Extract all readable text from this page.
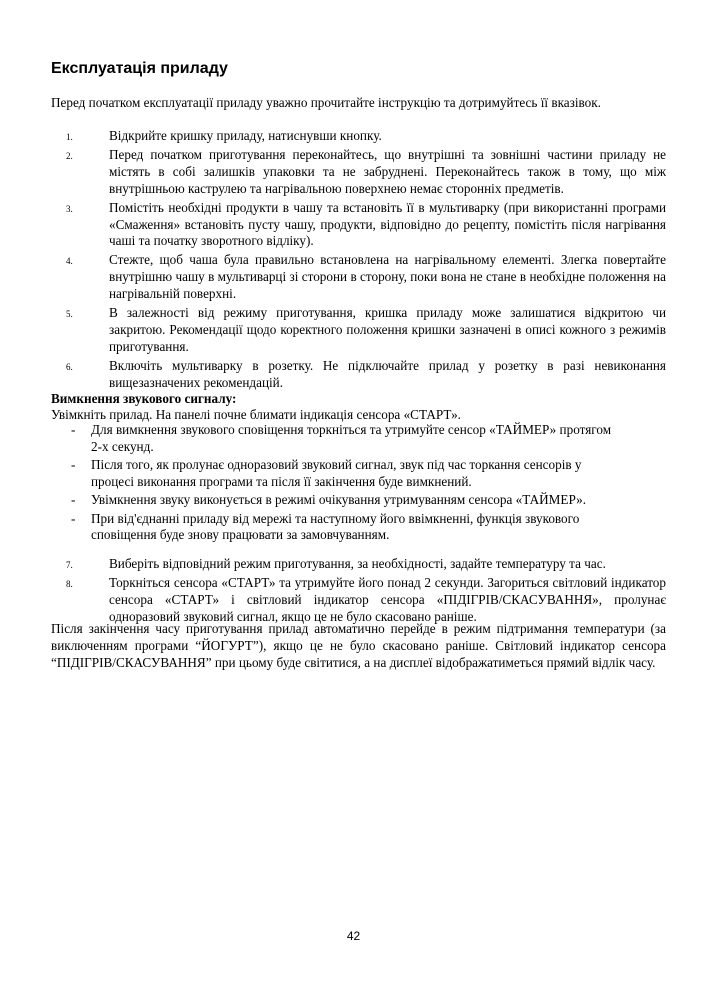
Експлуатація приладу

Перед початком експлуатації приладу уважно прочитайте інструкцію та дотримуйтесь її вказівок.

1.	Відкрийте кришку приладу, натиснувши кнопку.
2.	Перед початком приготування переконайтесь, що внутрішні та зовнішні частини приладу не містять в собі залишків упаковки та не забруднені. Переконайтесь також в тому, що між внутрішньою каструлею та нагрівальною поверхнею немає сторонніх предметів.
3.	Помістіть необхідні продукти в чашу та встановіть її в мультиварку (при використанні програми «Смаження» встановіть пусту чашу, продукти, відповідно до рецепту, помістіть після нагрівання чаші та початку зворотного відліку).
4.	Стежте, щоб чаша була правильно встановлена на нагрівальному елементі. Злегка повертайте внутрішню чашу в мультиварці зі сторони в сторону, поки вона не стане в необхідне положення на нагрівальній поверхні.
5.	В залежності від режиму приготування, кришка приладу може залишатися відкритою чи закритою. Рекомендації щодо коректного положення кришки зазначені в описі кожного з режимів приготування.
6.	Включіть мультиварку в розетку. Не підключайте прилад у розетку в разі невиконання вищезазначених рекомендацій.

Вимкнення звукового сигналу:

Увімкніть прилад. На панелі почне блимати індикація сенсора «СТАРТ».

- Для вимкнення звукового сповіщення торкніться та утримуйте сенсор «ТАЙМЕР» протягом 2-х секунд.
- Після того, як пролунає одноразовий звуковий сигнал, звук під час торкання сенсорів у процесі виконання програми та після її закінчення буде вимкнений.
- Увімкнення звуку виконується в режимі очікування утримуванням сенсора «ТАЙМЕР».
- При від'єднанні приладу від мережі та наступному його ввімкненні, функція звукового сповіщення буде знову працювати за замовчуванням.
7.	Виберіть відповідний режим приготування, за необхідності, задайте температуру та час.
8.	Торкніться сенсора «СТАРТ» та утримуйте його понад 2 секунди. Загориться світловий індикатор сенсора «СТАРТ» і світловий індикатор сенсора «ПІДІГРІВ/СКАСУВАННЯ», пролунає одноразовий звуковий сигнал, якщо це не було скасовано раніше.

Після закінчення часу приготування прилад автоматично перейде в режим підтримання температури (за виключенням програми “ЙОГУРТ”), якщо це не було скасовано раніше. Світловий індикатор сенсора “ПІДІГРІВ/СКАСУВАННЯ” при цьому буде світитися, а на дисплеї відображатиметься прямий відлік часу.

42
